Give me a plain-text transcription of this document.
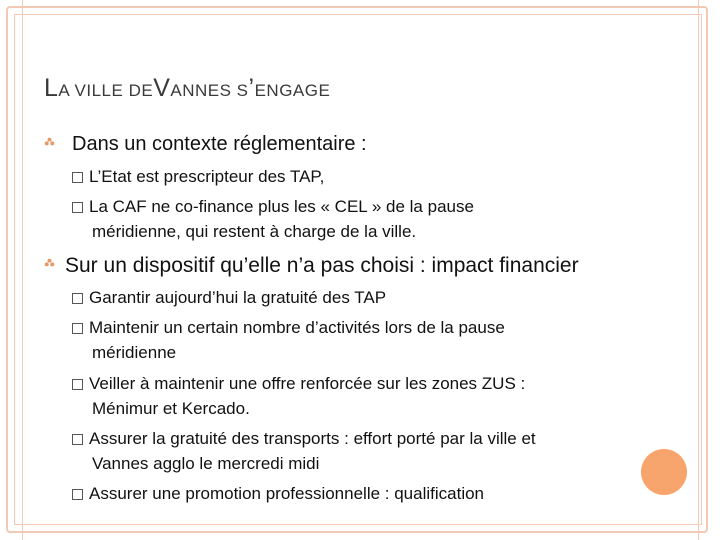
LA VILLE DEVANNES S’ENGAGE
Dans un contexte réglementaire :
L’Etat est prescripteur des TAP,
La CAF ne co-finance plus les « CEL » de la pause
méridienne, qui restent à charge de la ville.
Sur un dispositif qu’elle n’a pas choisi : impact financier
Garantir aujourd’hui la gratuité des TAP
Maintenir un certain nombre d’activités lors de la pause
méridienne
Veiller à maintenir une offre renforcée sur les zones ZUS :
Ménimur et Kercado.
Assurer la gratuité des transports : effort porté par la ville et
Vannes agglo le mercredi midi
Assurer une promotion professionnelle : qualification
